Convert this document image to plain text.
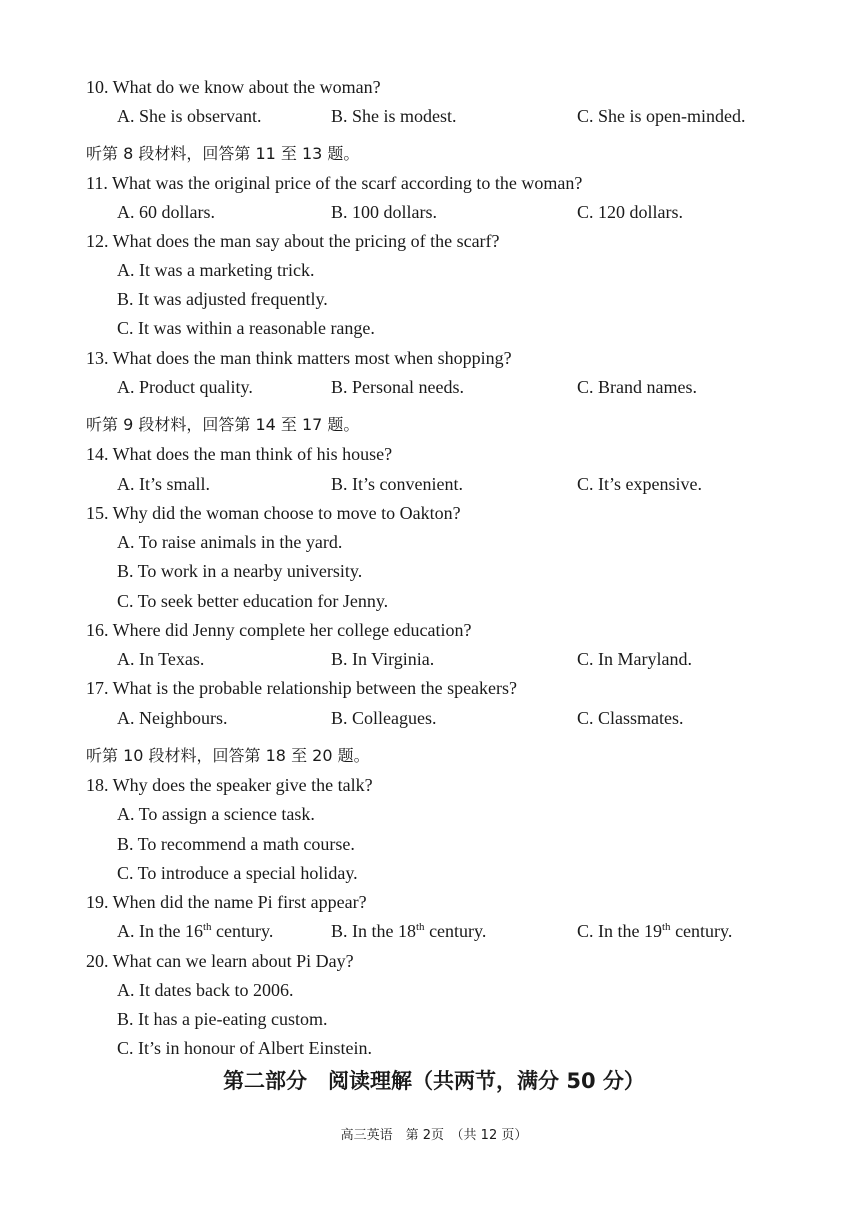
10. What do we know about the woman?
A. She is observant.	B. She is modest.	C. She is open-minded.
听第 8 段材料，回答第 11 至 13 题。
11. What was the original price of the scarf according to the woman?
A. 60 dollars.	B. 100 dollars.	C. 120 dollars.
12. What does the man say about the pricing of the scarf?
A. It was a marketing trick.
B. It was adjusted frequently.
C. It was within a reasonable range.
13. What does the man think matters most when shopping?
A. Product quality.	B. Personal needs.	C. Brand names.
听第 9 段材料，回答第 14 至 17 题。
14. What does the man think of his house?
A. It’s small.	B. It’s convenient.	C. It’s expensive.
15. Why did the woman choose to move to Oakton?
A. To raise animals in the yard.
B. To work in a nearby university.
C. To seek better education for Jenny.
16. Where did Jenny complete her college education?
A. In Texas.	B. In Virginia.	C. In Maryland.
17. What is the probable relationship between the speakers?
A. Neighbours.	B. Colleagues.	C. Classmates.
听第 10 段材料，回答第 18 至 20 题。
18. Why does the speaker give the talk?
A. To assign a science task.
B. To recommend a math course.
C. To introduce a special holiday.
19. When did the name Pi first appear?
A. In the 16th century.	B. In the 18th century.	C. In the 19th century.
20. What can we learn about Pi Day?
A. It dates back to 2006.
B. It has a pie-eating custom.
C. It’s in honour of Albert Einstein.
第二部分　阅读理解（共两节，满分 50 分）
高三英语　第 2页　（共 12 页）
